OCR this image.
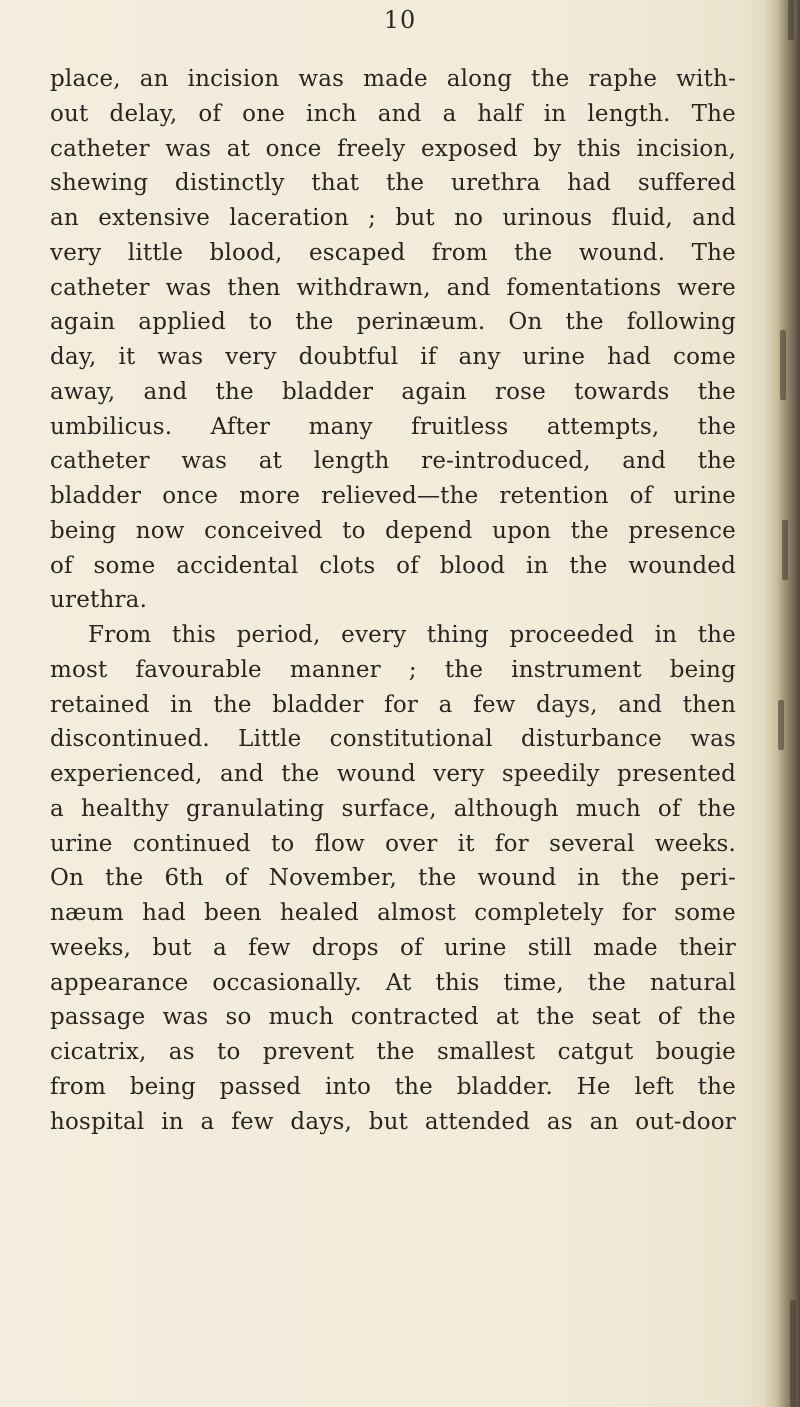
10
place, an incision was made along the raphe with-
out delay, of one inch and a half in length. The
catheter was at once freely exposed by this incision,
shewing distinctly that the urethra had suffered
an extensive laceration ; but no urinous fluid, and
very little blood, escaped from the wound. The
catheter was then withdrawn, and fomentations were
again applied to the perinæum. On the following
day, it was very doubtful if any urine had come
away, and the bladder again rose towards the
umbilicus. After many fruitless attempts, the
catheter was at length re-introduced, and the
bladder once more relieved—the retention of urine
being now conceived to depend upon the presence
of some accidental clots of blood in the wounded
urethra.
From this period, every thing proceeded in the
most favourable manner ; the instrument being
retained in the bladder for a few days, and then
discontinued. Little constitutional disturbance was
experienced, and the wound very speedily presented
a healthy granulating surface, although much of the
urine continued to flow over it for several weeks.
On the 6th of November, the wound in the peri-
næum had been healed almost completely for some
weeks, but a few drops of urine still made their
appearance occasionally. At this time, the natural
passage was so much contracted at the seat of the
cicatrix, as to prevent the smallest catgut bougie
from being passed into the bladder. He left the
hospital in a few days, but attended as an out-door
